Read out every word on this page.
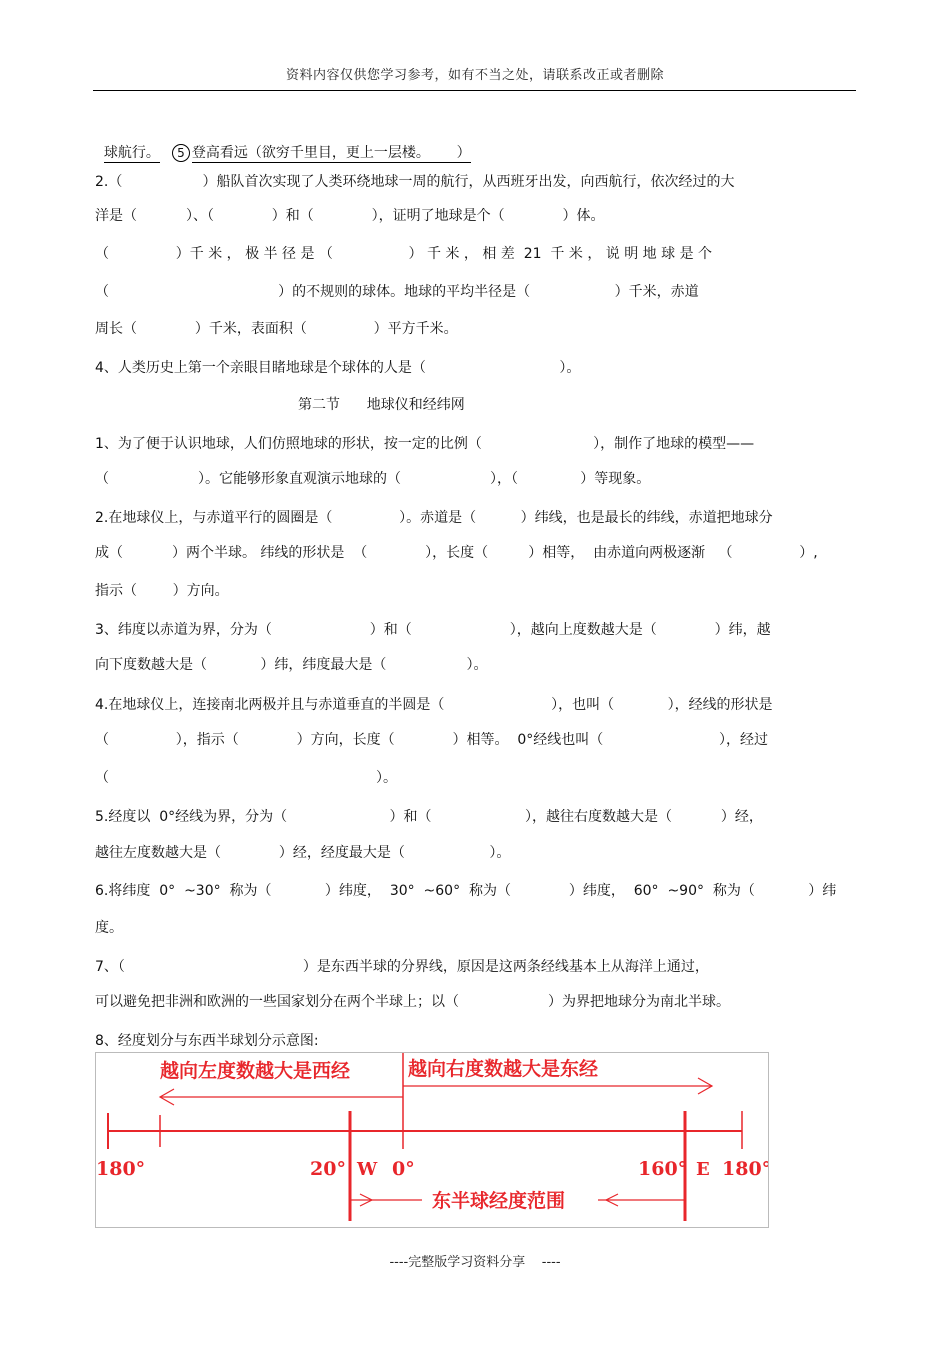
资料内容仅供您学习参考，如有不当之处，请联系改正或者删除

球航行。 5 登高看远（欲穷千里目，更上一层楼。      ）

2.（                  ）船队首次实现了人类环绕地球一周的航行，从西班牙出发，向西航行，依次经过的大
洋是（           ）、（             ）和（             ），证明了地球是个（             ）体。
（               ）千 米 ， 极 半 径 是 （                 ） 千 米 ， 相 差  21  千 米 ， 说 明 地 球 是 个
（                                      ）的不规则的球体。地球的平均半径是（                   ）千米，赤道
周长（             ）千米，表面积（               ）平方千米。
4、人类历史上第一个亲眼目睹地球是个球体的人是（                              ）。
第二节      地球仪和经纬网
1、为了便于认识地球，人们仿照地球的形状，按一定的比例（                         ），制作了地球的模型——
（                    ）。它能够形象直观演示地球的（                    ），（              ）等现象。
2.在地球仪上，与赤道平行的圆圈是（               ）。赤道是（          ）纬线，也是最长的纬线，赤道把地球分
成（           ）两个半球。 纬线的形状是  （             ），长度（         ）相等，  由赤道向两极逐渐   （               ）,
指示（        ）方向。
3、纬度以赤道为界，分为（                      ）和（                      ），越向上度数越大是（             ）纬，越
向下度数越大是（            ）纬，纬度最大是（                  ）。
4.在地球仪上，连接南北两极并且与赤道垂直的半圆是（                        ），也叫（            ），经线的形状是
（               ），指示（             ）方向，长度（             ）相等。  0°经线也叫（                          ），经过
（                                                            ）。
5.经度以  0°经线为界，分为（                       ）和（                     ），越往右度数越大是（           ）经，
越往左度数越大是（             ）经，经度最大是（                   ）。
6.将纬度  0°  ~30°  称为（            ）纬度，  30°  ~60°  称为（             ）纬度，  60°  ~90°  称为（            ）纬
度。
7、（                                        ）是东西半球的分界线，原因是这两条经线基本上从海洋上通过，
可以避免把非洲和欧洲的一些国家划分在两个半球上；以（                    ）为界把地球分为南北半球。
8、经度划分与东西半球划分示意图:
越向左度数越大是西经	越向右度数越大是东经
180°	20° W 0°	160° E 180°
东半球经度范围
----完整版学习资料分享    ----
